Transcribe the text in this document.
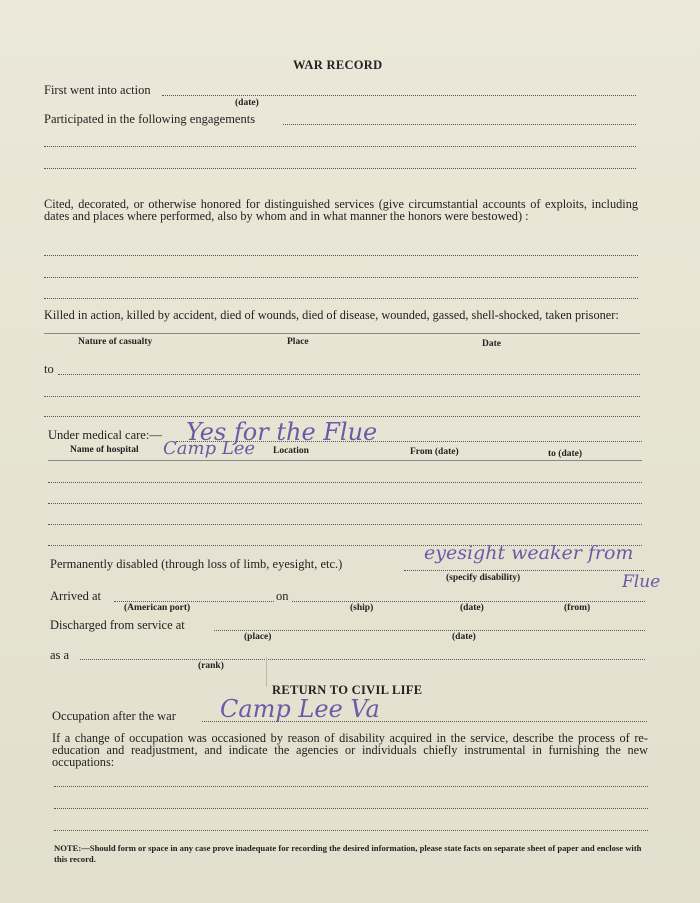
WAR RECORD
First went into action
(date)
Participated in the following engagements
Cited, decorated, or otherwise honored for distinguished services (give circumstantial accounts of exploits, including dates and places where performed, also by whom and in what manner the honors were bestowed) :
Killed in action, killed by accident, died of wounds, died of disease, wounded, gassed, shell-shocked, taken prisoner:
Nature of casualty	Place	Date
to
Under medical care:— Yes for the Flue
Name of hospital Camp Lee Location	From (date)	to (date)
Permanently disabled (through loss of limb, eyesight, etc.)	eyesight weaker from
Flue
(specify disability)
Arrived at	on
(American port)	(ship)	(date)	(from)
Discharged from service at
(place)	(date)
as a
(rank)
RETURN TO CIVIL LIFE
Occupation after the war Camp Lee Va
If a change of occupation was occasioned by reason of disability acquired in the service, describe the process of re-education and readjustment, and indicate the agencies or individuals chiefly instrumental in furnishing the new occupations:
NOTE:—Should form or space in any case prove inadequate for recording the desired information, please state facts on separate sheet of paper and enclose with this record.
